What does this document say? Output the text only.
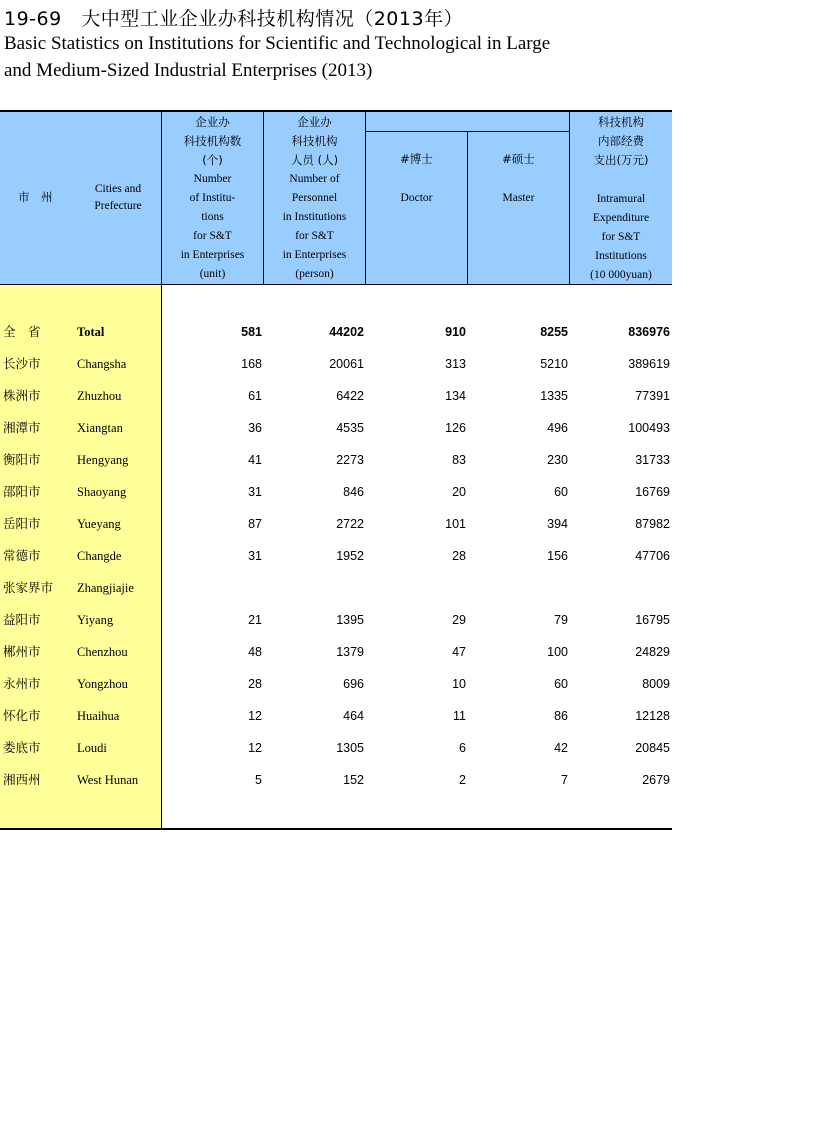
19-69　大中型工业企业办科技机构情况（2013年）
Basic Statistics on Institutions for Scientific and Technological in Large
and Medium-Sized Industrial Enterprises (2013)
市　州
Cities and
Prefecture
企业办
科技机构数
(个)
Number
of Institu-
tions
for S&T
in Enterprises
(unit)
企业办
科技机构
人员 (人)
Number of
Personnel
in Institutions
for S&T
in Enterprises
(person)
#博士
Doctor
#硕士
Master
科技机构
内部经费
支出(万元)
Intramural
Expenditure
for S&T
Institutions
(10 000yuan)
全　省	Total	581	44202	910	8255	836976
长沙市	Changsha	168	20061	313	5210	389619
株洲市	Zhuzhou	61	6422	134	1335	77391
湘潭市	Xiangtan	36	4535	126	496	100493
衡阳市	Hengyang	41	2273	83	230	31733
邵阳市	Shaoyang	31	846	20	60	16769
岳阳市	Yueyang	87	2722	101	394	87982
常德市	Changde	31	1952	28	156	47706
张家界市 Zhangjiajie
益阳市	Yiyang	21	1395	29	79	16795
郴州市	Chenzhou	48	1379	47	100	24829
永州市	Yongzhou	28	696	10	60	8009
怀化市	Huaihua	12	464	11	86	12128
娄底市	Loudi	12	1305	6	42	20845
湘西州	West Hunan	5	152	2	7	2679
